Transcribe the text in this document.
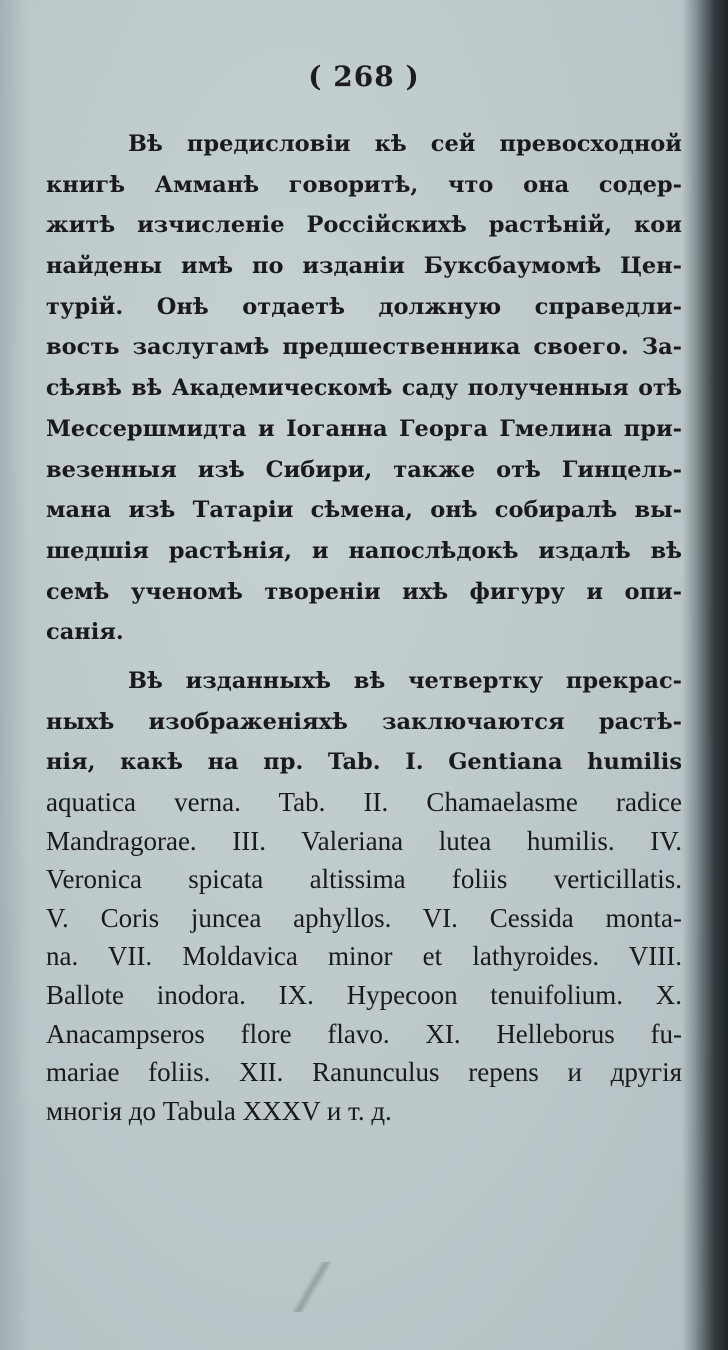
( 268 )
Вѣ предисловіи кѣ сей превосходной
книгѣ Амманѣ говоритѣ, что она содер-
житѣ изчисленіе Россійскихѣ растѣній, кои
найдены имѣ по изданіи Буксбаумомѣ Цен-
турій. Онѣ отдаетѣ должную справедли-
вость заслугамѣ предшественника своего. За-
сѣявѣ вѣ Академическомѣ саду полученныя отѣ
Мессершмидта и Іоганна Георга Гмелина при-
везенныя изѣ Сибири, также отѣ Гинцель-
мана изѣ Татаріи сѣмена, онѣ собиралѣ вы-
шедшія растѣнія, и напослѣдокѣ издалѣ вѣ
семѣ ученомѣ твореніи ихѣ фигуру и опи-
санія.
Вѣ изданныхѣ вѣ четвертку прекрас-
ныхѣ изображеніяхѣ заключаются растѣ-
нія, какѣ на пр. Tab. I. Gentiana humilis
aquatica verna. Tab. II. Chamaelasme radice
Mandragorae. III. Valeriana lutea humilis. IV.
Veronica spicata altissima foliis verticillatis.
V. Coris juncea aphyllos. VI. Cessida monta-
na. VII. Moldavica minor et lathyroides. VIII.
Ballote inodora. IX. Hypecoon tenuifolium. X.
Anacampseros flore flavo. XI. Helleborus fu-
mariae foliis. XII. Ranunculus repens и другія
многія до Tabula XXXV и т. д.
